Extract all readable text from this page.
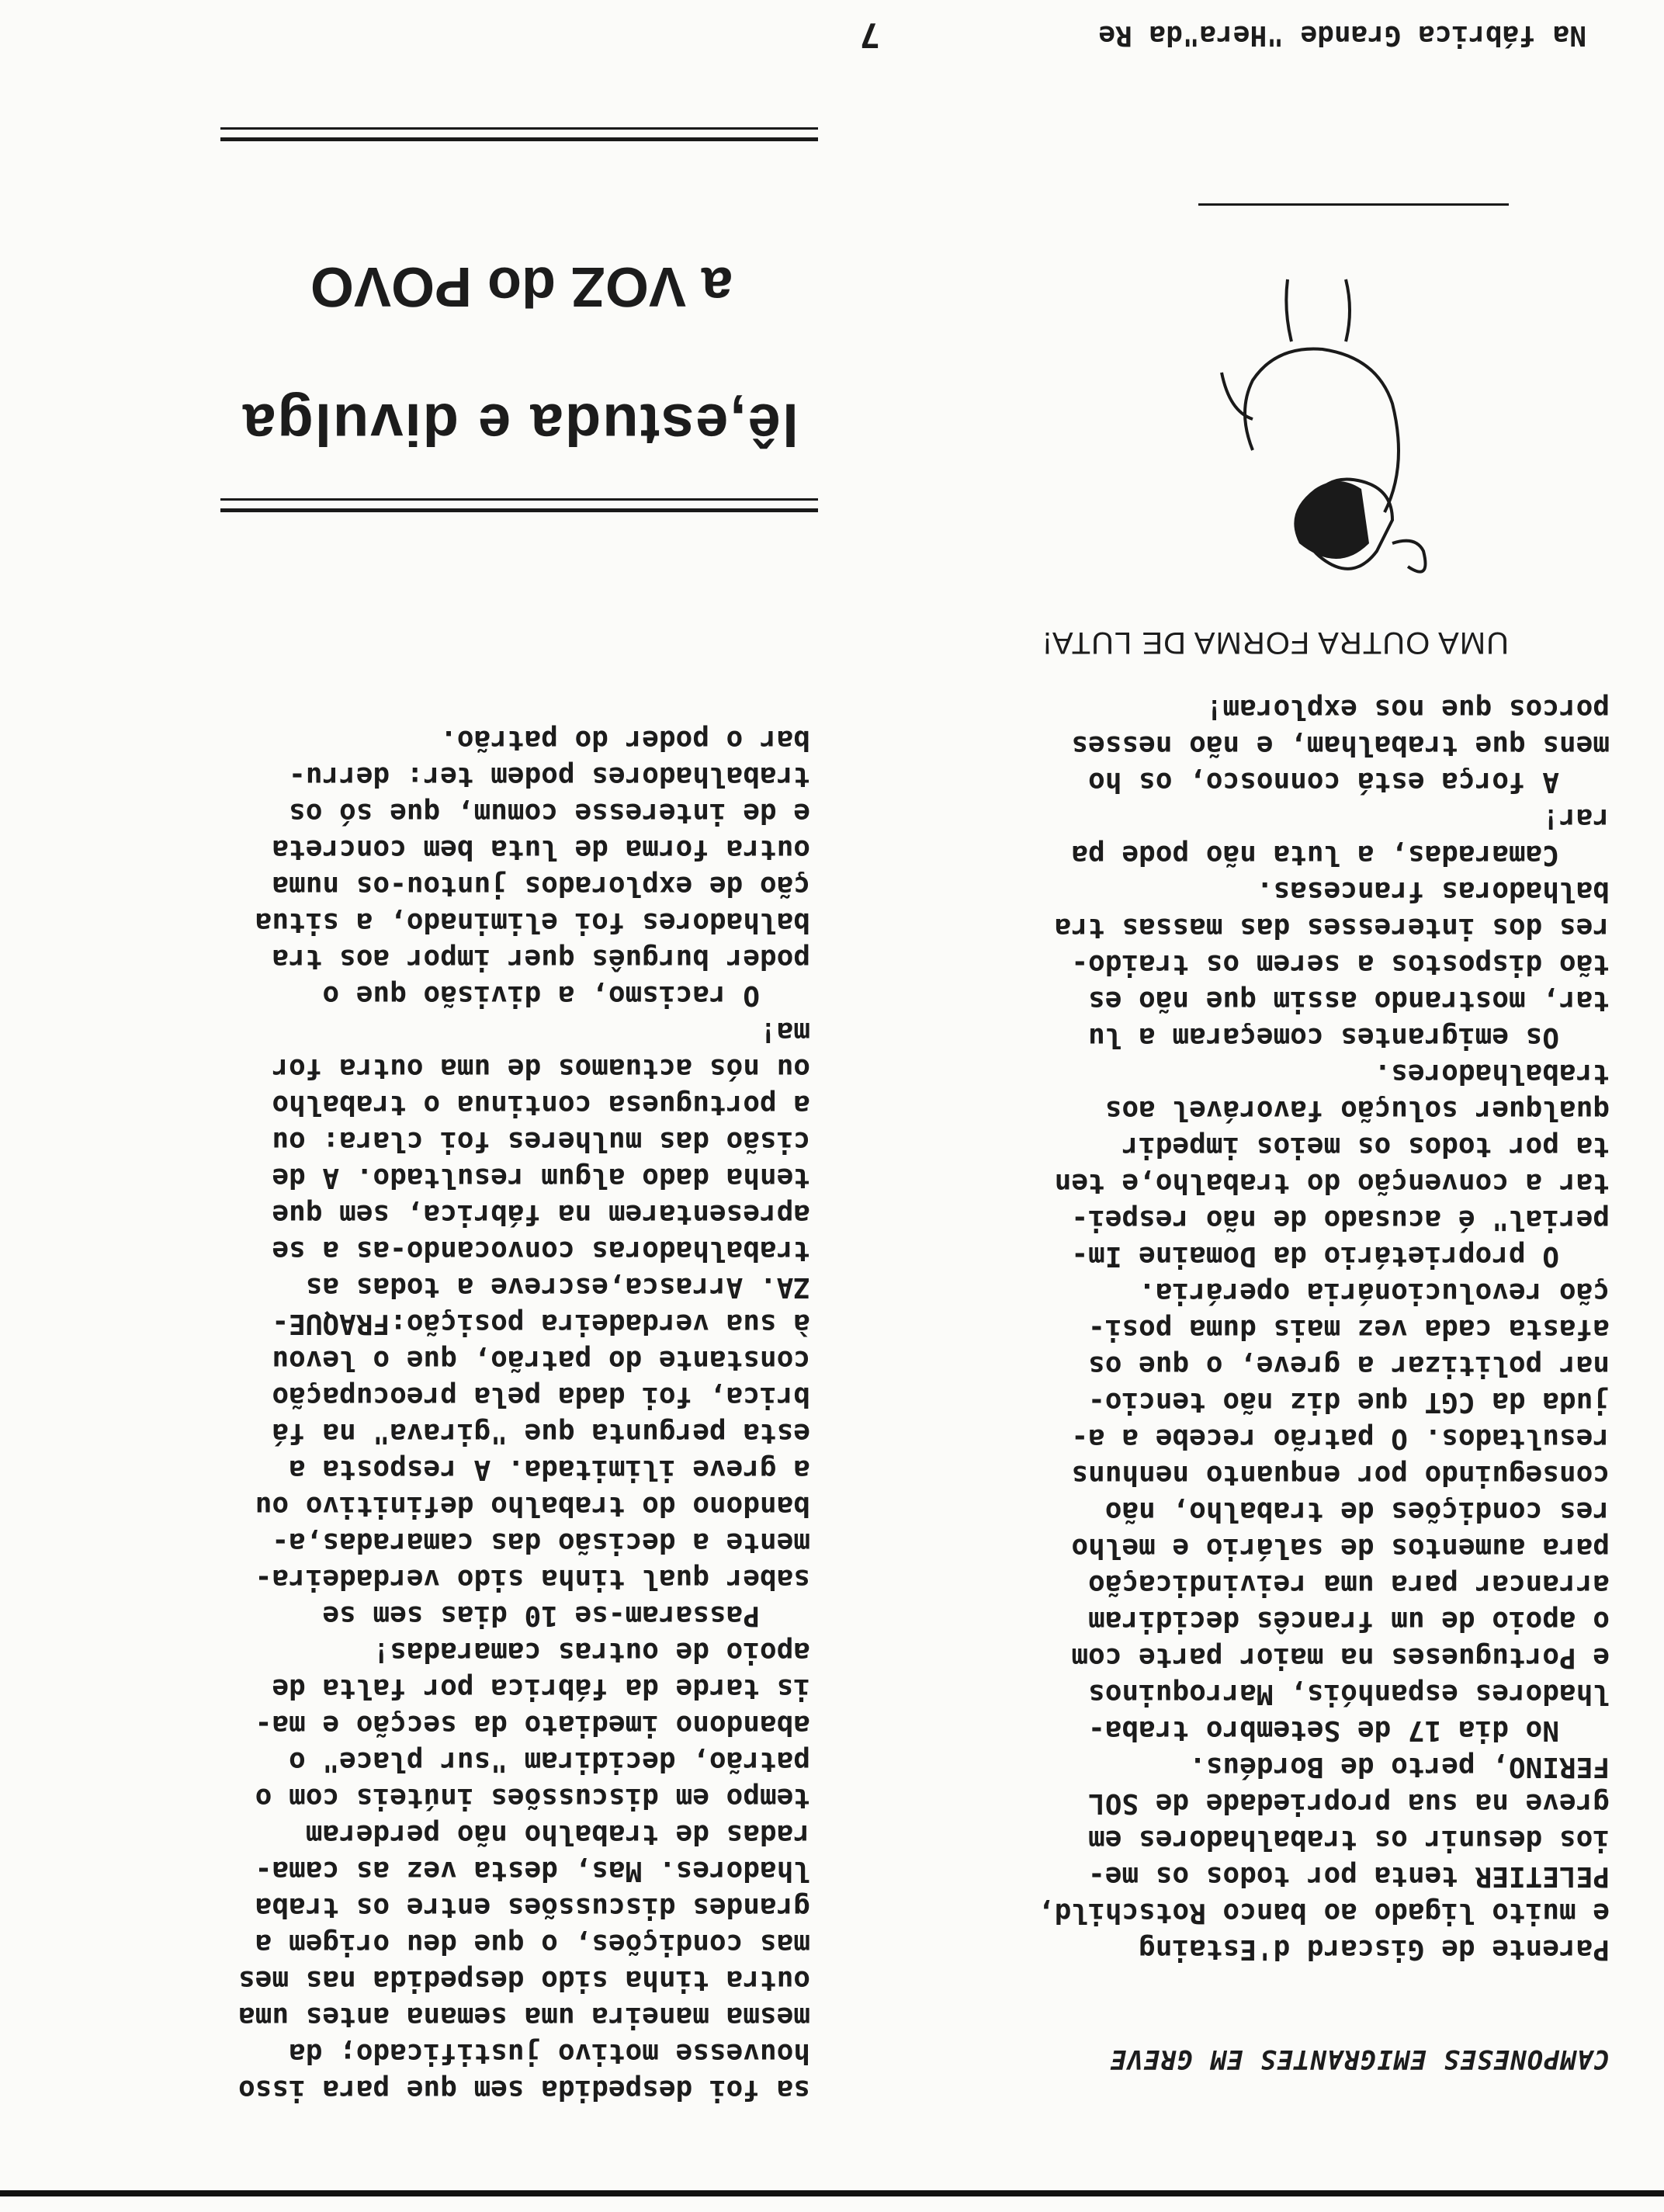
CAMPONESES EMIGRANTES EM GREVE

Parente de Giscard d'Estaing
e muito ligado ao banco Rotschild,
PELETIER tenta por todos os me-
ios desunir os trabalhadores em
greve na sua propriedade de SOL
FERINO, perto de Bordéus.
No dia 17 de Setembro traba-
lhadores espanhóis, Marroquinos
e Portugueses na maior parte com
o apoio de um francês decidiram
arrancar para uma reivindicação
para aumentos de salário e melho
res condições de trabalho, não
conseguindo por enquanto nenhuns
resultados. O patrão recebe a a-
juda da CGT que diz não tencio-
nar politizar a greve, o que os
afasta cada vez mais duma posi-
ção revolucionária operária.
O proprietário da Domaine Im-
perial" é acusado de não respei-
tar a convenção do trabalho,e ten
ta por todos os meios impedir
qualquer solução favorável aos
trabalhadores.
Os emigrantes começaram a lu
tar, mostrando assim que não es
tão dispostos a serem os traido-
res dos interesses das massas tra
balhadoras francesas.
Camaradas, a luta não pode pa
rar!
A força está connosco, os ho
mens que trabalham, e não nesses
porcos que nos exploram!

sa foi despedida sem que para isso
houvesse motivo justificado; da
mesma maneira uma semana antes uma
outra tinha sido despedida nas mes
mas condições, o que deu origem a
grandes discussões entre os traba
lhadores. Mas, desta vez as cama-
radas de trabalho não perderam
tempo em discussões inúteis com o
patrão, decidiram "sur place" o
abandono imediato da secção e ma-
is tarde da fábrica por falta de
apoio de outras camaradas!
Passaram-se 10 dias sem se
saber qual tinha sido verdadeira-
mente a decisão das camaradas,a-
bandono do trabalho definitivo ou
a greve ilimitada. A resposta a
esta pergunta que "girava" na fá
brica, foi dada pela preocupação
constante do patrão, que o levou
à sua verdadeira posição:FRAQUE-
ZA. Arrasca,escreve a todas as
trabalhadoras convocando-as a se
apresentarem na fábrica, sem que
tenha dado algum resultado. A de
cisão das mulheres foi clara: ou
a portuguesa continua o trabalho
ou nós actuamos de uma outra for
ma!
O racismo, a divisão que o
poder burguês quer impor aos tra
balhadores foi eliminado, a situa
ção de explorados juntou-os numa
outra forma de luta bem concreta
e de interesse comum, que só os
trabalhadores podem ter: derru-
bar o poder do patrão.

UMA OUTRA FORMA DE LUTA!
lê,estuda e divulga
a VOZ do POVO

Na fábrica Grande "Hera"da Re

7
